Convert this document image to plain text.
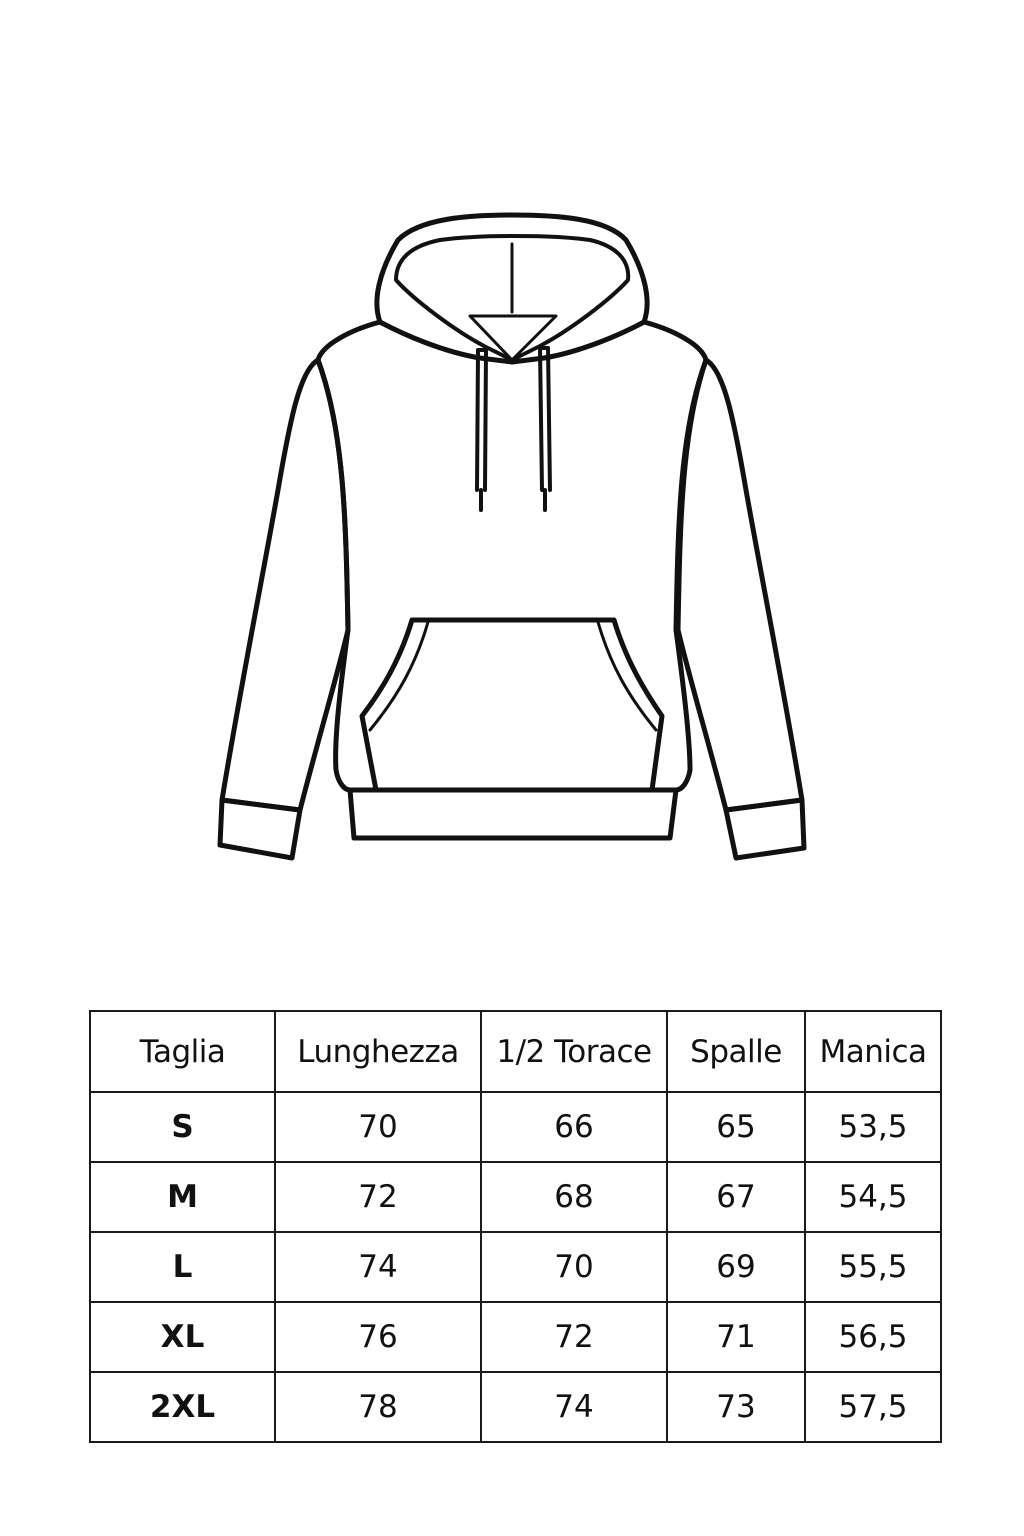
Taglia	Lunghezza	1/2 Torace	Spalle	Manica
S	70	66	65	53,5
M	72	68	67	54,5
L	74	70	69	55,5
XL	76	72	71	56,5
2XL	78	74	73	57,5
